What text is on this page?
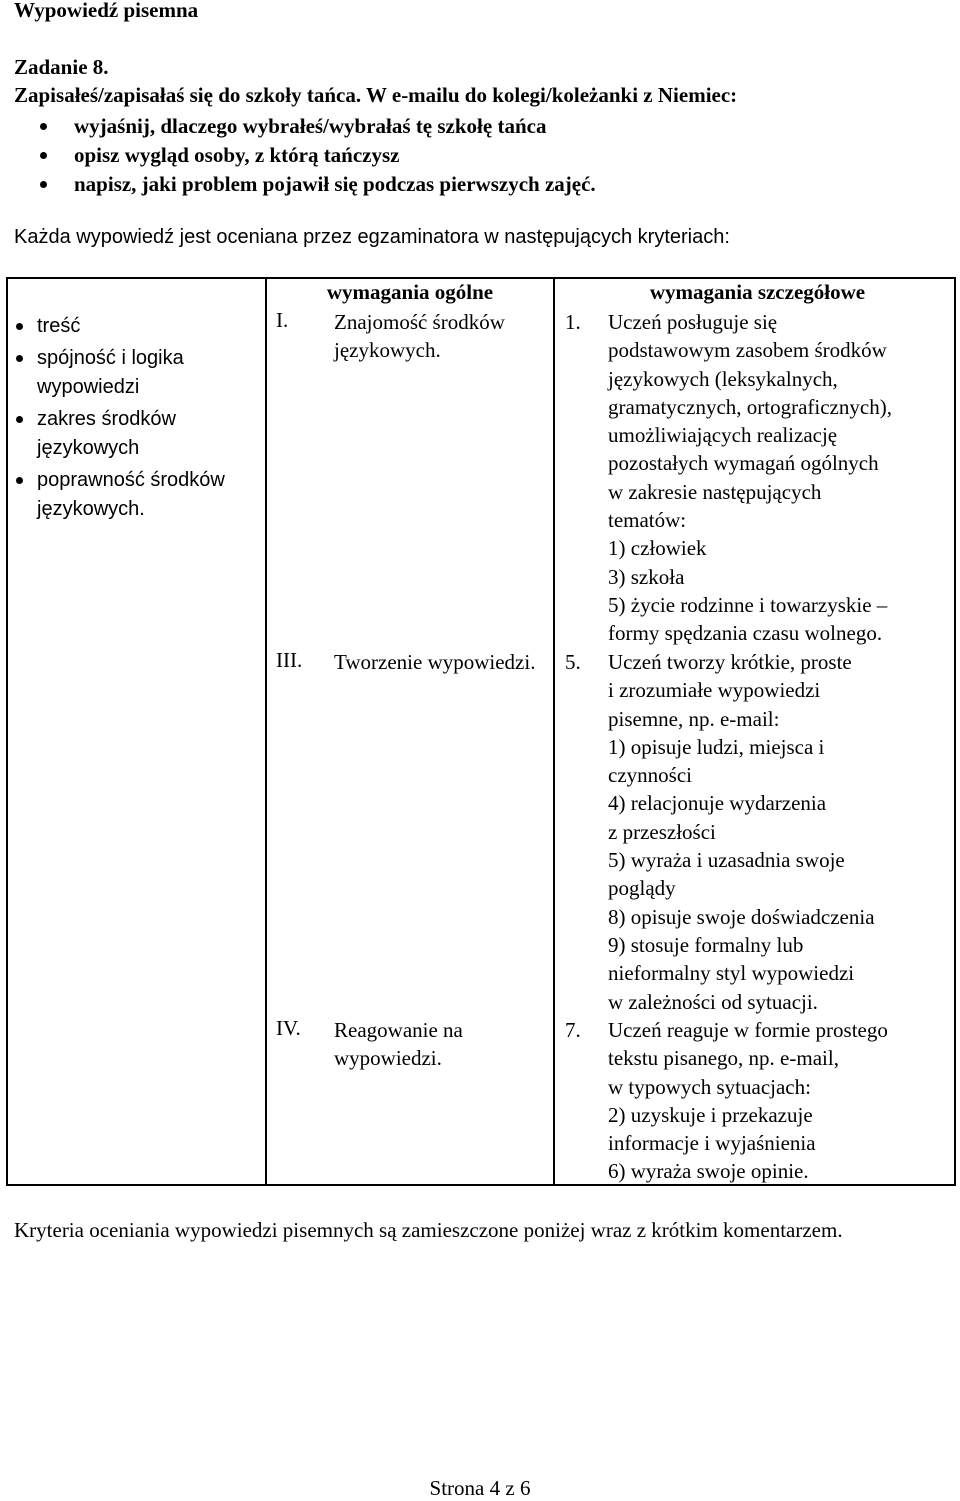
Wypowiedź pisemna
Zadanie 8.
Zapisałeś/zapisałaś się do szkoły tańca. W e-mailu do kolegi/koleżanki z Niemiec:
wyjaśnij, dlaczego wybrałeś/wybrałaś tę szkołę tańca
opisz wygląd osoby, z którą tańczysz
napisz, jaki problem pojawił się podczas pierwszych zajęć.
Każda wypowiedź jest oceniana przez egzaminatora w następujących kryteriach:
treść
spójność i logika wypowiedzi
zakres środków językowych
poprawność środków językowych.
wymagania ogólne	wymagania szczegółowe
I. Znajomość środków językowych.
III. Tworzenie wypowiedzi.
IV. Reagowanie na wypowiedzi.
1. Uczeń posługuje się
podstawowym zasobem środków
językowych (leksykalnych,
gramatycznych, ortograficznych),
umożliwiających realizację
pozostałych wymagań ogólnych
w zakresie następujących
tematów:
1) człowiek
3) szkoła
5) życie rodzinne i towarzyskie –
formy spędzania czasu wolnego.
5. Uczeń tworzy krótkie, proste
i zrozumiałe wypowiedzi
pisemne, np. e-mail:
1) opisuje ludzi, miejsca i
czynności
4) relacjonuje wydarzenia
z przeszłości
5) wyraża i uzasadnia swoje
poglądy
8) opisuje swoje doświadczenia
9) stosuje formalny lub
nieformalny styl wypowiedzi
w zależności od sytuacji.
7. Uczeń reaguje w formie prostego
tekstu pisanego, np. e-mail,
w typowych sytuacjach:
2) uzyskuje i przekazuje
informacje i wyjaśnienia
6) wyraża swoje opinie.
Kryteria oceniania wypowiedzi pisemnych są zamieszczone poniżej wraz z krótkim komentarzem.
Strona 4 z 6
